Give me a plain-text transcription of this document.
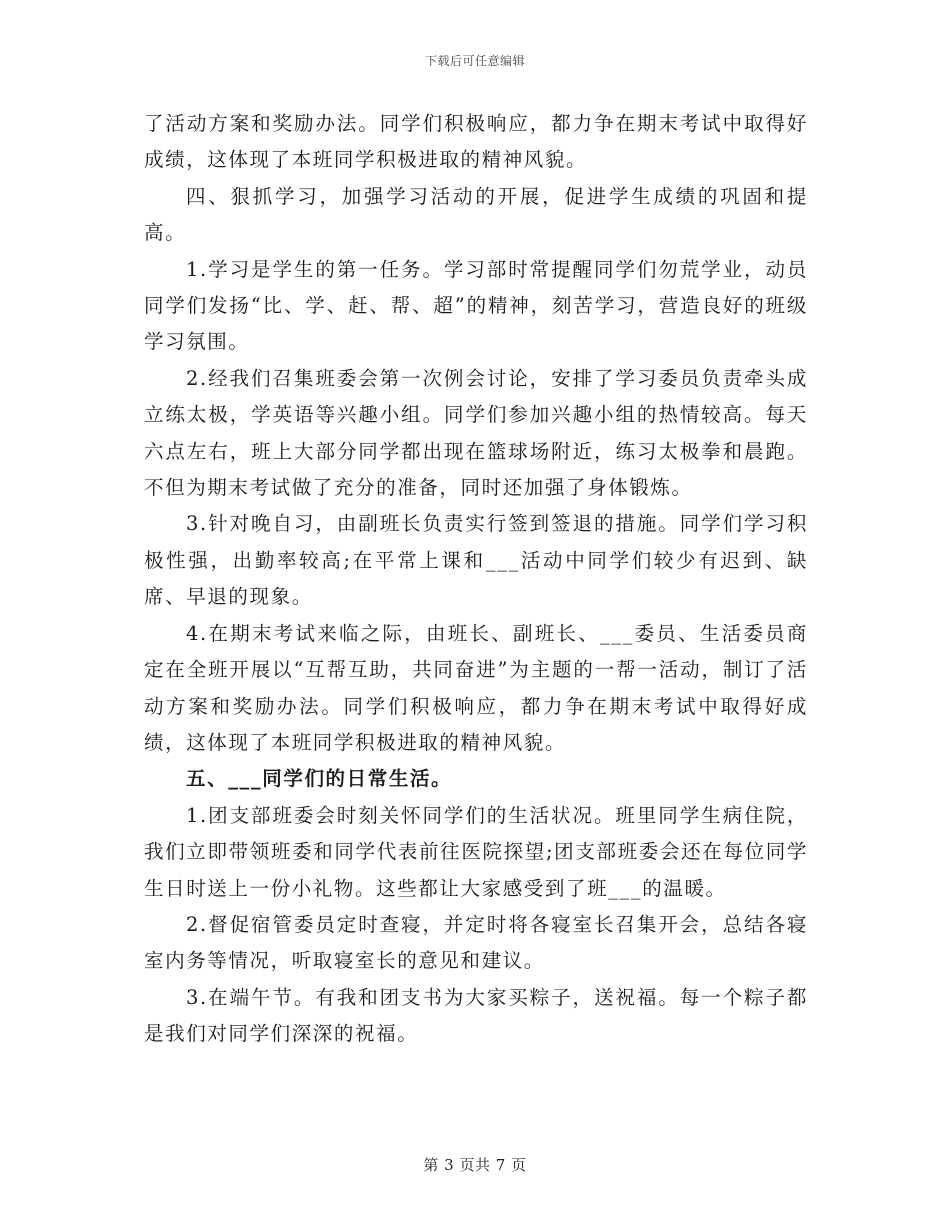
下载后可任意编辑

了活动方案和奖励办法。同学们积极响应，都力争在期末考试中取得好成绩，这体现了本班同学积极进取的精神风貌。

四、狠抓学习，加强学习活动的开展，促进学生成绩的巩固和提高。

1.学习是学生的第一任务。学习部时常提醒同学们勿荒学业，动员同学们发扬“比、学、赶、帮、超”的精神，刻苦学习，营造良好的班级学习氛围。

2.经我们召集班委会第一次例会讨论，安排了学习委员负责牵头成立练太极，学英语等兴趣小组。同学们参加兴趣小组的热情较高。每天六点左右，班上大部分同学都出现在篮球场附近，练习太极拳和晨跑。不但为期末考试做了充分的准备，同时还加强了身体锻炼。

3.针对晚自习，由副班长负责实行签到签退的措施。同学们学习积极性强，出勤率较高;在平常上课和___活动中同学们较少有迟到、缺席、早退的现象。

4.在期末考试来临之际，由班长、副班长、___委员、生活委员商定在全班开展以“互帮互助，共同奋进”为主题的一帮一活动，制订了活动方案和奖励办法。同学们积极响应，都力争在期末考试中取得好成绩，这体现了本班同学积极进取的精神风貌。

五、___同学们的日常生活。

1.团支部班委会时刻关怀同学们的生活状况。班里同学生病住院，我们立即带领班委和同学代表前往医院探望;团支部班委会还在每位同学生日时送上一份小礼物。这些都让大家感受到了班___的温暖。

2.督促宿管委员定时查寝，并定时将各寝室长召集开会，总结各寝室内务等情况，听取寝室长的意见和建议。

3.在端午节。有我和团支书为大家买粽子，送祝福。每一个粽子都是我们对同学们深深的祝福。

第 3 页共 7 页
